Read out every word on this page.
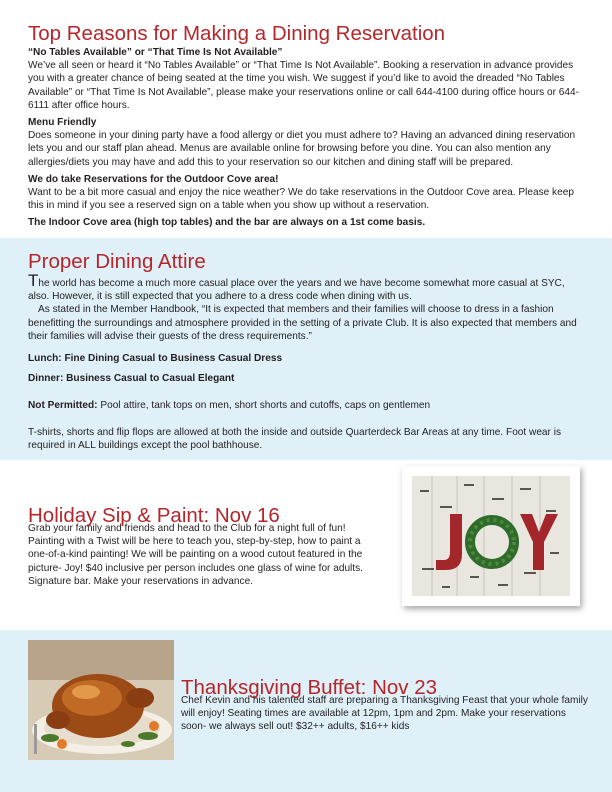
Top Reasons for Making a Dining Reservation

“No Tables Available” or “That Time Is Not Available”

We’ve all seen or heard it “No Tables Available” or “That Time Is Not Available”. Booking a reservation in advance provides you with a greater chance of being seated at the time you wish. We suggest if you’d like to avoid the dreaded “No Tables Available” or “That Time Is Not Available”, please make your reservations online or call 644-4100 during office hours or 644-6111 after office hours.

Menu Friendly

Does someone in your dining party have a food allergy or diet you must adhere to? Having an advanced dining reservation lets you and our staff plan ahead. Menus are available online for browsing before you dine. You can also mention any allergies/diets you may have and add this to your reservation so our kitchen and dining staff will be prepared.

We do take Reservations for the Outdoor Cove area!

Want to be a bit more casual and enjoy the nice weather? We do take reservations in the Outdoor Cove area. Please keep this in mind if you see a reserved sign on a table when you show up without a reservation.

The Indoor Cove area (high top tables) and the bar are always on a 1st come basis.

Proper Dining Attire

The world has become a much more casual place over the years and we have become somewhat more casual at SYC, also. However, it is still expected that you adhere to a dress code when dining with us.

As stated in the Member Handbook, “It is expected that members and their families will choose to dress in a fashion benefitting the surroundings and atmosphere provided in the setting of a private Club. It is also expected that members and their families will advise their guests of the dress requirements.”

Lunch: Fine Dining Casual to Business Casual Dress

Dinner: Business Casual to Casual Elegant

Not Permitted: Pool attire, tank tops on men, short shorts and cutoffs, caps on gentlemen

T-shirts, shorts and flip flops are allowed at both the inside and outside Quarterdeck Bar Areas at any time. Foot wear is required in ALL buildings except the pool bathhouse.

Holiday Sip & Paint: Nov 16

Grab your family and friends and head to the Club for a night full of fun! Painting with a Twist will be here to teach you, step-by-step, how to paint a one-of-a-kind painting! We will be painting on a wood cutout featured in the picture- Joy! $40 inclusive per person includes one glass of wine for adults. Signature bar. Make your reservations in advance.

Thanksgiving Buffet: Nov 23

Chef Kevin and his talented staff are preparing a Thanksgiving Feast that your whole family will enjoy! Seating times are available at 12pm, 1pm and 2pm. Make your reservations soon- we always sell out! $32++ adults, $16++ kids
